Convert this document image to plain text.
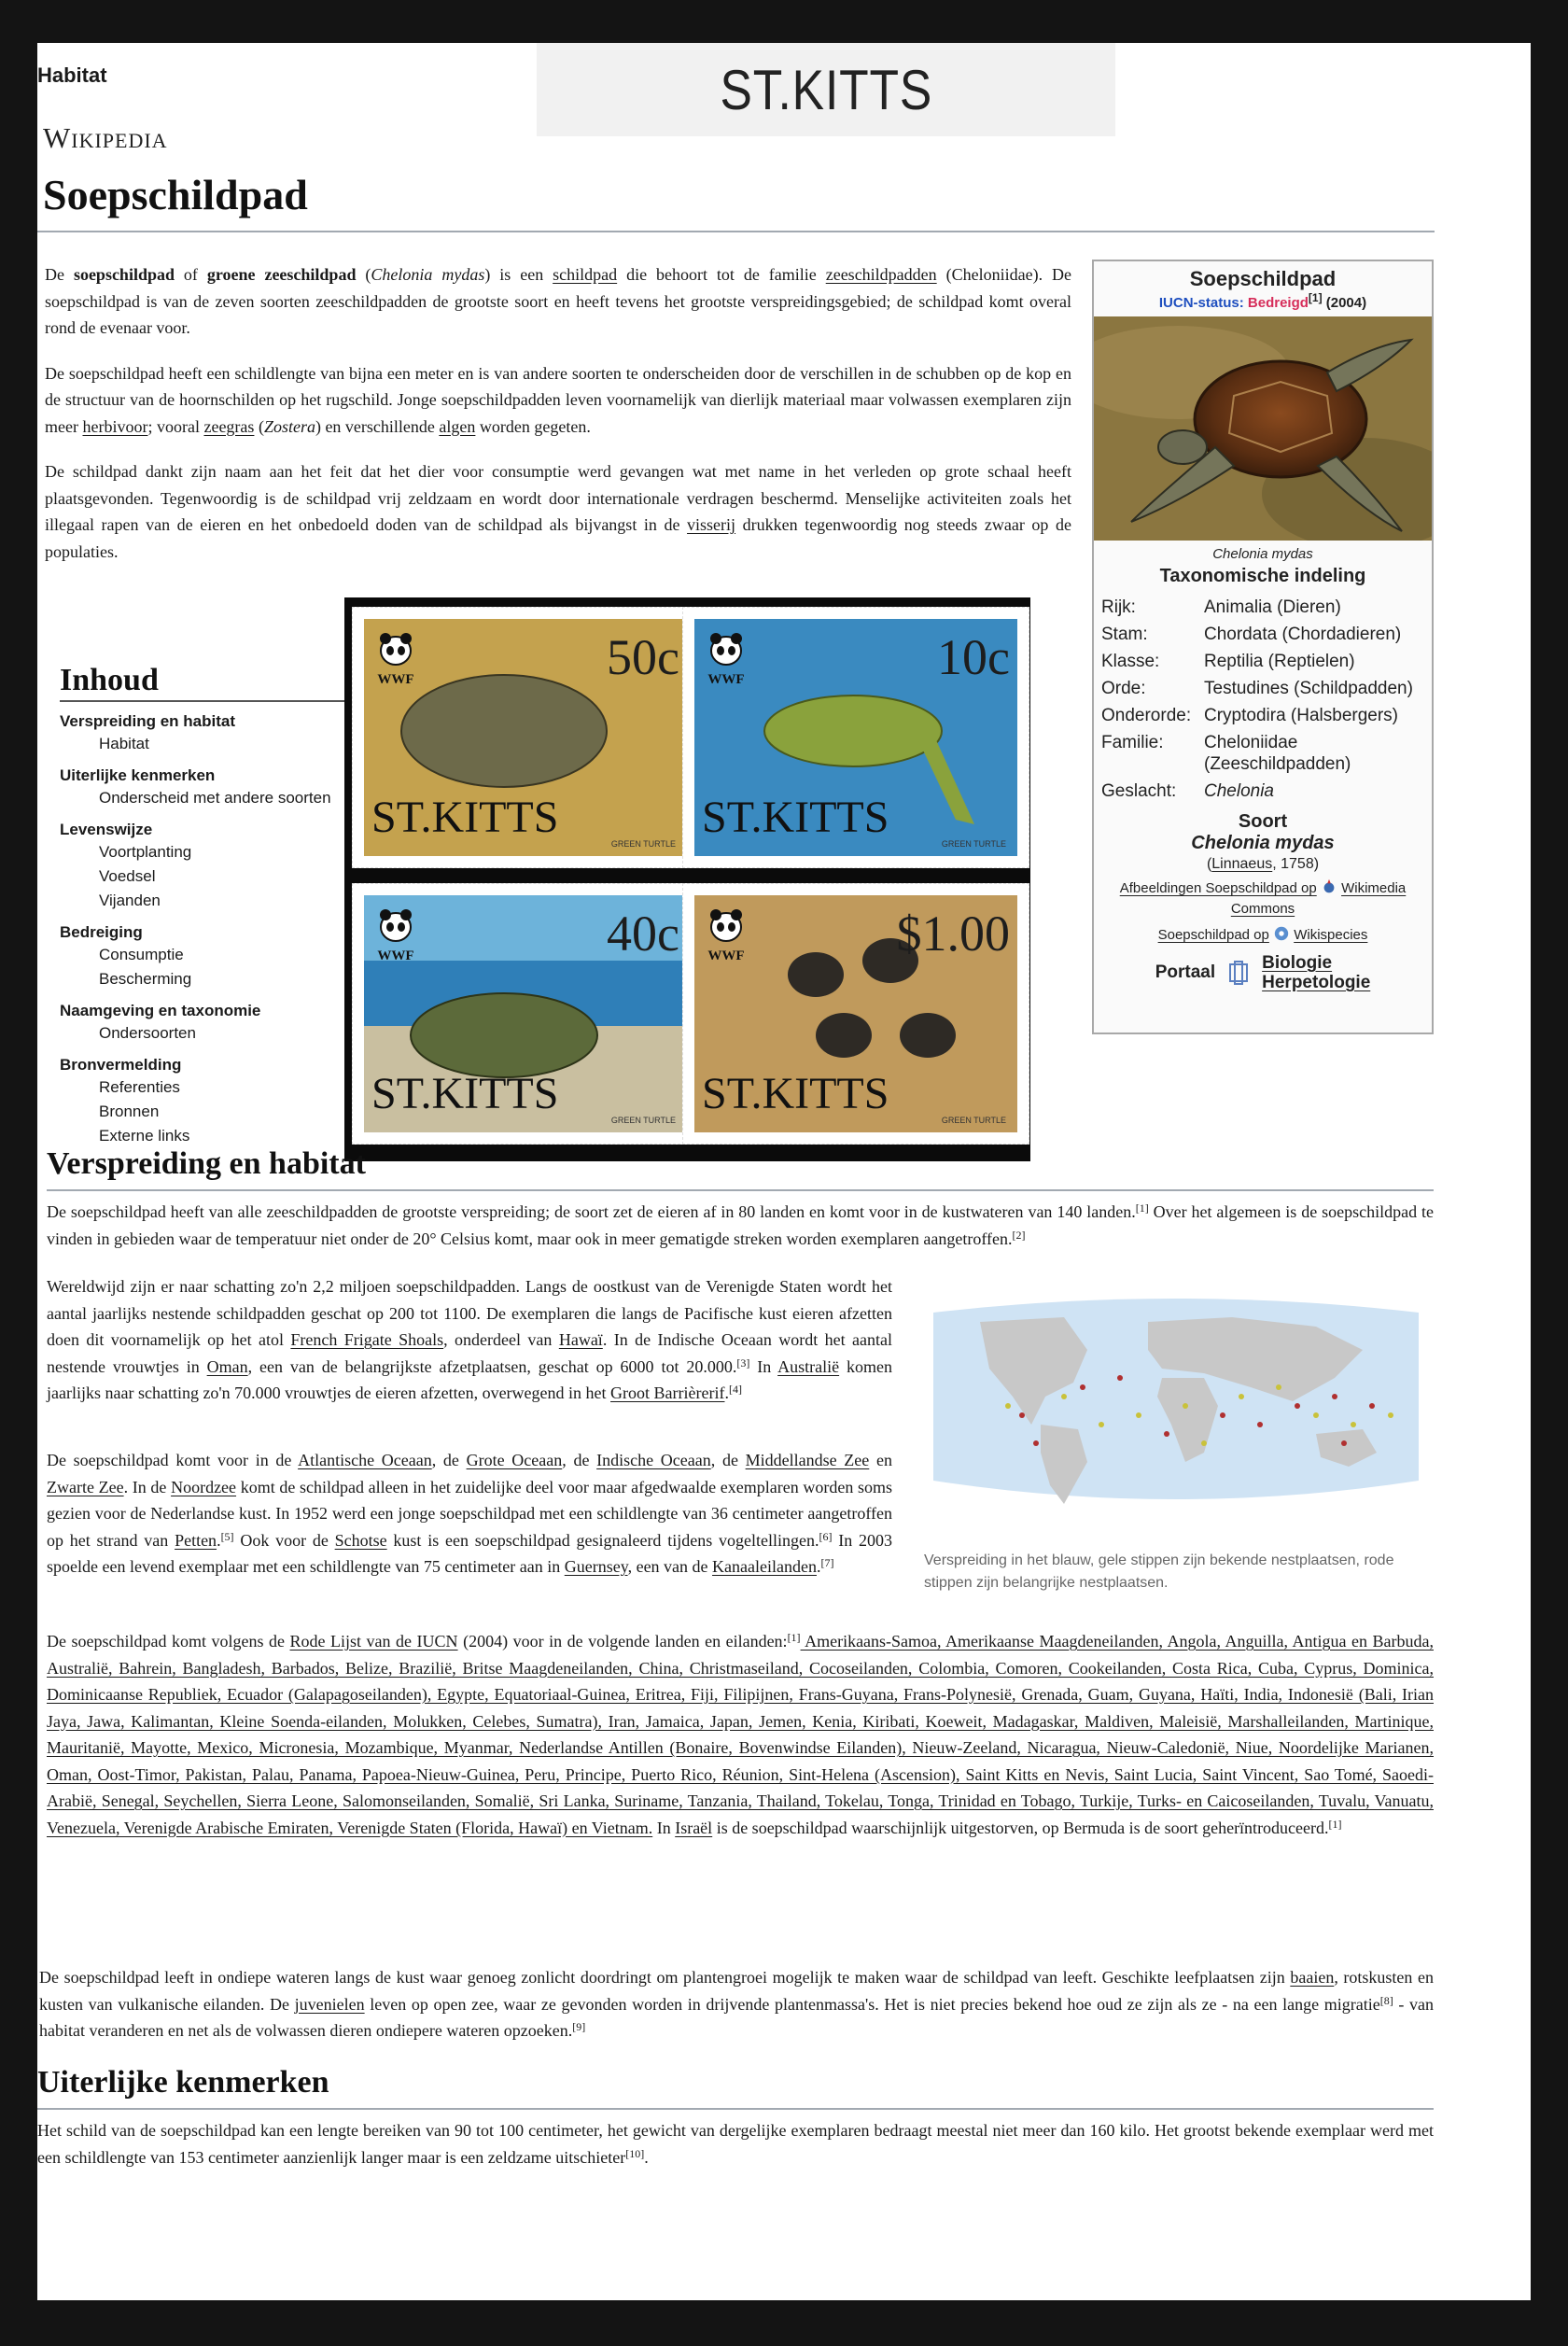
ST.KITTS
Wikipedia
Soepschildpad

De soepschildpad of groene zeeschildpad (Chelonia mydas) is een schildpad die behoort tot de familie zeeschildpadden (Cheloniidae). De soepschildpad is van de zeven soorten zeeschildpadden de grootste soort en heeft tevens het grootste verspreidingsgebied; de schildpad komt overal rond de evenaar voor.

De soepschildpad heeft een schildlengte van bijna een meter en is van andere soorten te onderscheiden door de verschillen in de schubben op de kop en de structuur van de hoornschilden op het rugschild. Jonge soepschildpadden leven voornamelijk van dierlijk materiaal maar volwassen exemplaren zijn meer herbivoor; vooral zeegras (Zostera) en verschillende algen worden gegeten.

De schildpad dankt zijn naam aan het feit dat het dier voor consumptie werd gevangen wat met name in het verleden op grote schaal heeft plaatsgevonden. Tegenwoordig is de schildpad vrij zeldzaam en wordt door internationale verdragen beschermd. Menselijke activiteiten zoals het illegaal rapen van de eieren en het onbedoeld doden van de schildpad als bijvangst in de visserij drukken tegenwoordig nog steeds zwaar op de populaties.

Soepschildpad
IUCN-status: Bedreigd[1] (2004)
Chelonia mydas
Taxonomische indeling
Rijk:	Animalia (Dieren)
Stam:	Chordata (Chordadieren)
Klasse:	Reptilia (Reptielen)
Orde:	Testudines (Schildpadden)
Onderorde:	Cryptodira (Halsbergers)
Familie:	Cheloniidae (Zeeschildpadden)
Geslacht:	Chelonia
Soort
Chelonia mydas
(Linnaeus, 1758)
Afbeeldingen Soepschildpad op Wikimedia
Commons
Soepschildpad op Wikispecies
Portaal	Biologie
Herpetologie
Inhoud
Verspreiding en habitat
Habitat
Uiterlijke kenmerken
Onderscheid met andere soorten
Levenswijze
Voortplanting
Voedsel
Vijanden
Bedreiging
Consumptie
Bescherming
Naamgeving en taxonomie
Ondersoorten
Bronvermelding
Referenties
Bronnen
Externe links
WWF	50c
ST.KITTS
GREEN TURTLE
WWF	10c
ST.KITTS
GREEN TURTLE
WWF	40c
ST.KITTS
GREEN TURTLE
WWF	$1.00
ST.KITTS
GREEN TURTLE
Verspreiding en habitat

De soepschildpad heeft van alle zeeschildpadden de grootste verspreiding; de soort zet de eieren af in 80 landen en komt voor in de kustwateren van 140 landen.[1] Over het algemeen is de soepschildpad te vinden in gebieden waar de temperatuur niet onder de 20° Celsius komt, maar ook in meer gematigde streken worden exemplaren aangetroffen.[2]

Wereldwijd zijn er naar schatting zo'n 2,2 miljoen soepschildpadden. Langs de oostkust van de Verenigde Staten wordt het aantal jaarlijks nestende schildpadden geschat op 200 tot 1100. De exemplaren die langs de Pacifische kust eieren afzetten doen dit voornamelijk op het atol French Frigate Shoals, onderdeel van Hawaï. In de Indische Oceaan wordt het aantal nestende vrouwtjes in Oman, een van de belangrijkste afzetplaatsen, geschat op 6000 tot 20.000.[3] In Australië komen jaarlijks naar schatting zo'n 70.000 vrouwtjes de eieren afzetten, overwegend in het Groot Barrièrerif.[4]

De soepschildpad komt voor in de Atlantische Oceaan, de Grote Oceaan, de Indische Oceaan, de Middellandse Zee en Zwarte Zee. In de Noordzee komt de schildpad alleen in het zuidelijke deel voor maar afgedwaalde exemplaren worden soms gezien voor de Nederlandse kust. In 1952 werd een jonge soepschildpad met een schildlengte van 36 centimeter aangetroffen op het strand van Petten.[5] Ook voor de Schotse kust is een soepschildpad gesignaleerd tijdens vogeltellingen.[6] In 2003 spoelde een levend exemplaar met een schildlengte van 75 centimeter aan in Guernsey, een van de Kanaaleilanden.[7]	Verspreiding in het blauw, gele stippen zijn bekende nestplaatsen, rode stippen zijn belangrijke nestplaatsen.

De soepschildpad komt volgens de Rode Lijst van de IUCN (2004) voor in de volgende landen en eilanden:[1] Amerikaans-Samoa, Amerikaanse Maagdeneilanden, Angola, Anguilla, Antigua en Barbuda, Australië, Bahrein, Bangladesh, Barbados, Belize, Brazilië, Britse Maagdeneilanden, China, Christmaseiland, Cocoseilanden, Colombia, Comoren, Cookeilanden, Costa Rica, Cuba, Cyprus, Dominica, Dominicaanse Republiek, Ecuador (Galapagoseilanden), Egypte, Equatoriaal-Guinea, Eritrea, Fiji, Filipijnen, Frans-Guyana, Frans-Polynesië, Grenada, Guam, Guyana, Haïti, India, Indonesië (Bali, Irian Jaya, Jawa, Kalimantan, Kleine Soenda-eilanden, Molukken, Celebes, Sumatra), Iran, Jamaica, Japan, Jemen, Kenia, Kiribati, Koeweit, Madagaskar, Maldiven, Maleisië, Marshalleilanden, Martinique, Mauritanië, Mayotte, Mexico, Micronesia, Mozambique, Myanmar, Nederlandse Antillen (Bonaire, Bovenwindse Eilanden), Nieuw-Zeeland, Nicaragua, Nieuw-Caledonië, Niue, Noordelijke Marianen, Oman, Oost-Timor, Pakistan, Palau, Panama, Papoea-Nieuw-Guinea, Peru, Principe, Puerto Rico, Réunion, Sint-Helena (Ascension), Saint Kitts en Nevis, Saint Lucia, Saint Vincent, Sao Tomé, Saoedi-Arabië, Senegal, Seychellen, Sierra Leone, Salomonseilanden, Somalië, Sri Lanka, Suriname, Tanzania, Thailand, Tokelau, Tonga, Trinidad en Tobago, Turkije, Turks- en Caicoseilanden, Tuvalu, Vanuatu, Venezuela, Verenigde Arabische Emiraten, Verenigde Staten (Florida, Hawaï) en Vietnam. In Israël is de soepschildpad waarschijnlijk uitgestorven, op Bermuda is de soort geherïntroduceerd.[1]

Habitat

De soepschildpad leeft in ondiepe wateren langs de kust waar genoeg zonlicht doordringt om plantengroei mogelijk te maken waar de schildpad van leeft. Geschikte leefplaatsen zijn baaien, rotskusten en kusten van vulkanische eilanden. De juvenielen leven op open zee, waar ze gevonden worden in drijvende plantenmassa's. Het is niet precies bekend hoe oud ze zijn als ze - na een lange migratie[8] - van habitat veranderen en net als de volwassen dieren ondiepere wateren opzoeken.[9]

Uiterlijke kenmerken

Het schild van de soepschildpad kan een lengte bereiken van 90 tot 100 centimeter, het gewicht van dergelijke exemplaren bedraagt meestal niet meer dan 160 kilo. Het grootst bekende exemplaar werd met een schildlengte van 153 centimeter aanzienlijk langer maar is een zeldzame uitschieter[10].
